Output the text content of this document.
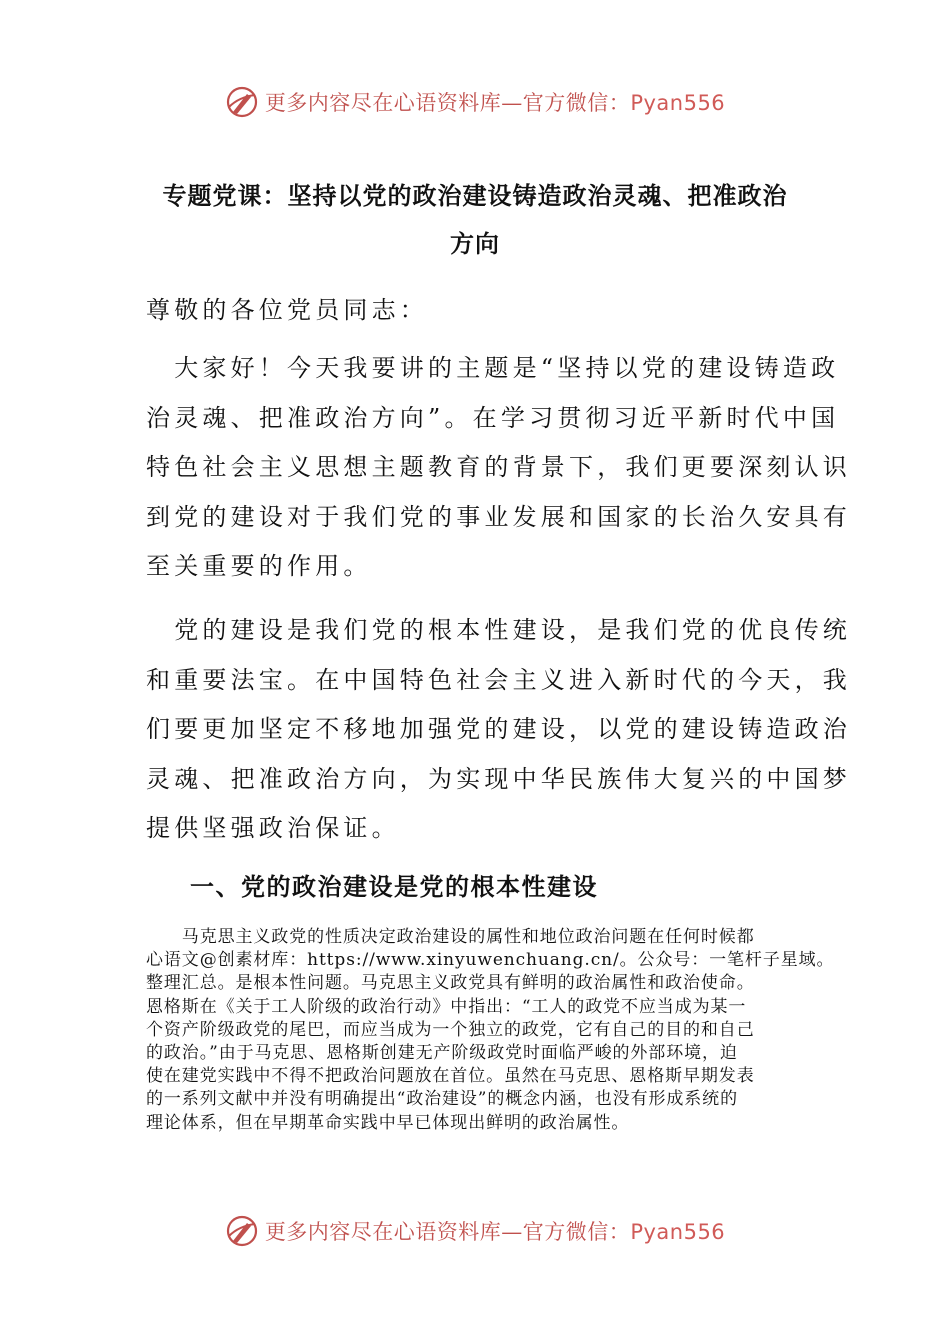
更多内容尽在心语资料库—官方微信：Pyan556
专题党课：坚持以党的政治建设铸造政治灵魂、把准政治
方向
尊敬的各位党员同志：
　大家好！今天我要讲的主题是“坚持以党的建设铸造政
治灵魂、把准政治方向”。在学习贯彻习近平新时代中国
特色社会主义思想主题教育的背景下，我们更要深刻认识
到党的建设对于我们党的事业发展和国家的长治久安具有
至关重要的作用。
　党的建设是我们党的根本性建设，是我们党的优良传统
和重要法宝。在中国特色社会主义进入新时代的今天，我
们要更加坚定不移地加强党的建设，以党的建设铸造政治
灵魂、把准政治方向，为实现中华民族伟大复兴的中国梦
提供坚强政治保证。
一、党的政治建设是党的根本性建设
　　马克思主义政党的性质决定政治建设的属性和地位政治问题在任何时候都
心语文@创素材库：https://www.xinyuwenchuang.cn/。公众号：一笔杆子星域。
整理汇总。是根本性问题。马克思主义政党具有鲜明的政治属性和政治使命。
恩格斯在《关于工人阶级的政治行动》中指出：“工人的政党不应当成为某一
个资产阶级政党的尾巴，而应当成为一个独立的政党，它有自己的目的和自己
的政治。”由于马克思、恩格斯创建无产阶级政党时面临严峻的外部环境，迫
使在建党实践中不得不把政治问题放在首位。虽然在马克思、恩格斯早期发表
的一系列文献中并没有明确提出“政治建设”的概念内涵，也没有形成系统的
理论体系，但在早期革命实践中早已体现出鲜明的政治属性。
更多内容尽在心语资料库—官方微信：Pyan556
